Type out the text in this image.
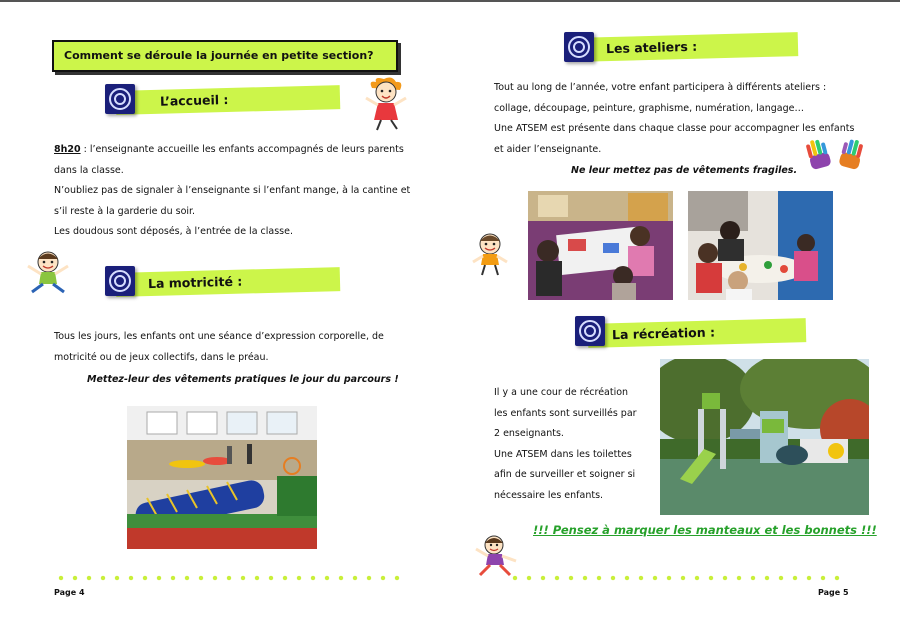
Comment se déroule la journée en petite section?
L’accueil :

8h20 : l’enseignante accueille les enfants accompagnés de leurs parents

dans la classe.

N’oubliez pas de signaler à l’enseignante si l’enfant mange, à la cantine et

s’il reste à la garderie du soir.

Les doudous sont déposés, à l’entrée de la classe.

La motricité :

Tous les jours, les enfants ont une séance d’expression corporelle, de

motricité ou de jeux collectifs, dans le préau.

Mettez-leur des vêtements pratiques le jour du parcours !
Page 4
Les ateliers :

Tout au long de l’année, votre enfant participera à différents ateliers :

collage, découpage, peinture, graphisme, numération, langage…

Une ATSEM est présente dans chaque classe pour accompagner les enfants

et aider l’enseignante.

Ne leur mettez pas de vêtements fragiles.
La récréation :

Il y a une cour de récréation

les enfants sont surveillés par

2 enseignants.

Une ATSEM dans les toilettes

afin de surveiller et soigner si

nécessaire les enfants.

!!! Pensez à marquer les manteaux et les bonnets !!!
Page 5
